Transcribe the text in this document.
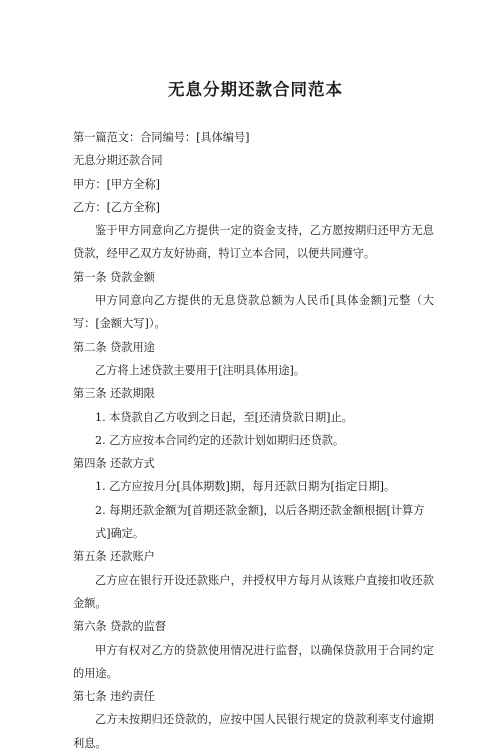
无息分期还款合同范本

第一篇范文：合同编号：[具体编号]

无息分期还款合同

甲方：[甲方全称]

乙方：[乙方全称]

鉴于甲方同意向乙方提供一定的资金支持，乙方愿按期归还甲方无息贷款，经甲乙双方友好协商，特订立本合同，以便共同遵守。

第一条 贷款金额

甲方同意向乙方提供的无息贷款总额为人民币[具体金额]元整（大写：[金额大写]）。

第二条 贷款用途

乙方将上述贷款主要用于[注明具体用途]。

第三条 还款期限

1. 本贷款自乙方收到之日起，至[还清贷款日期]止。

2. 乙方应按本合同约定的还款计划如期归还贷款。

第四条 还款方式

1. 乙方应按月分[具体期数]期，每月还款日期为[指定日期]。

2. 每期还款金额为[首期还款金额]，以后各期还款金额根据[计算方式]确定。

第五条 还款账户

乙方应在银行开设还款账户，并授权甲方每月从该账户直接扣收还款金额。

第六条 贷款的监督

甲方有权对乙方的贷款使用情况进行监督，以确保贷款用于合同约定的用途。

第七条 违约责任

乙方未按期归还贷款的，应按中国人民银行规定的贷款利率支付逾期利息。
